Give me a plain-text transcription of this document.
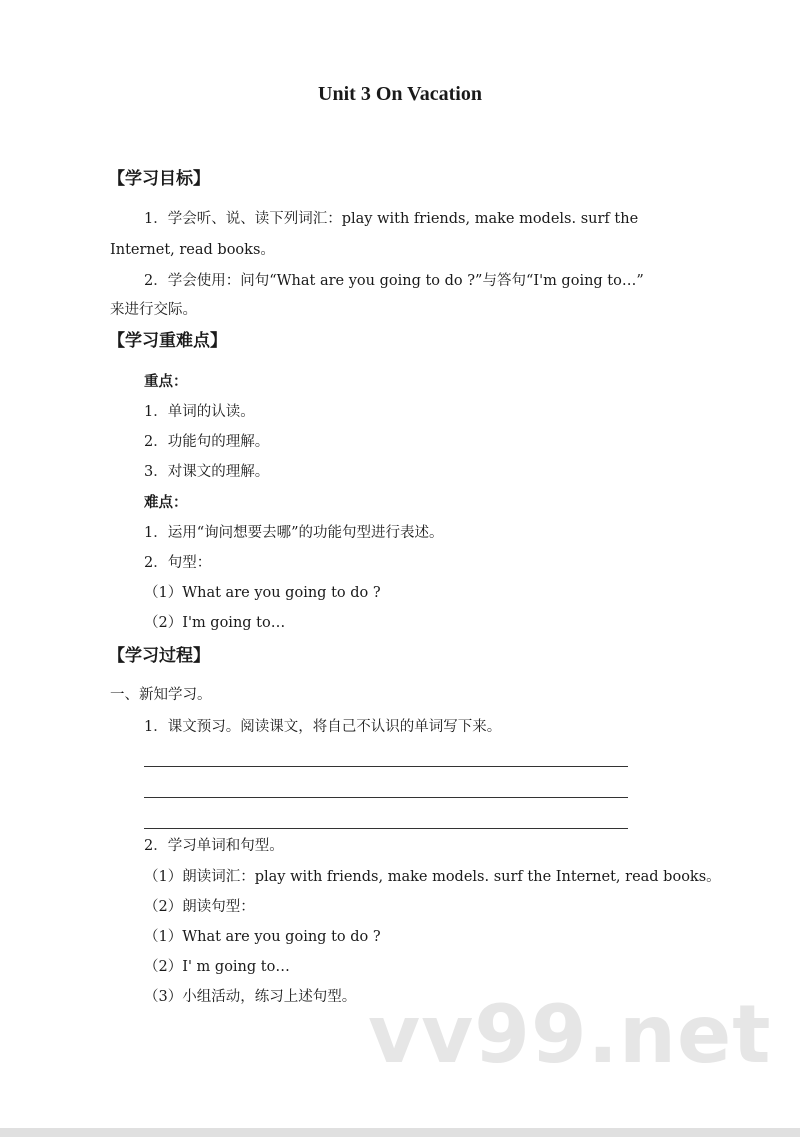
Unit 3 On Vacation
【学习目标】
1．学会听、说、读下列词汇：play with friends, make models. surf the
Internet, read books。
2．学会使用：问句“What are you going to do ?”与答句“I'm going to…”
来进行交际。
【学习重难点】
重点：
1．单词的认读。
2．功能句的理解。
3．对课文的理解。
难点：
1．运用“询问想要去哪”的功能句型进行表述。
2．句型：
（1）What are you going to do ?
（2）I'm going to…
【学习过程】
一、新知学习。
1．课文预习。阅读课文，将自己不认识的单词写下来。
2．学习单词和句型。
（1）朗读词汇：play with friends, make models. surf the Internet, read books。
（2）朗读句型：
（1）What are you going to do ?
（2）I' m going to…
（3）小组活动，练习上述句型。 vv99.net
